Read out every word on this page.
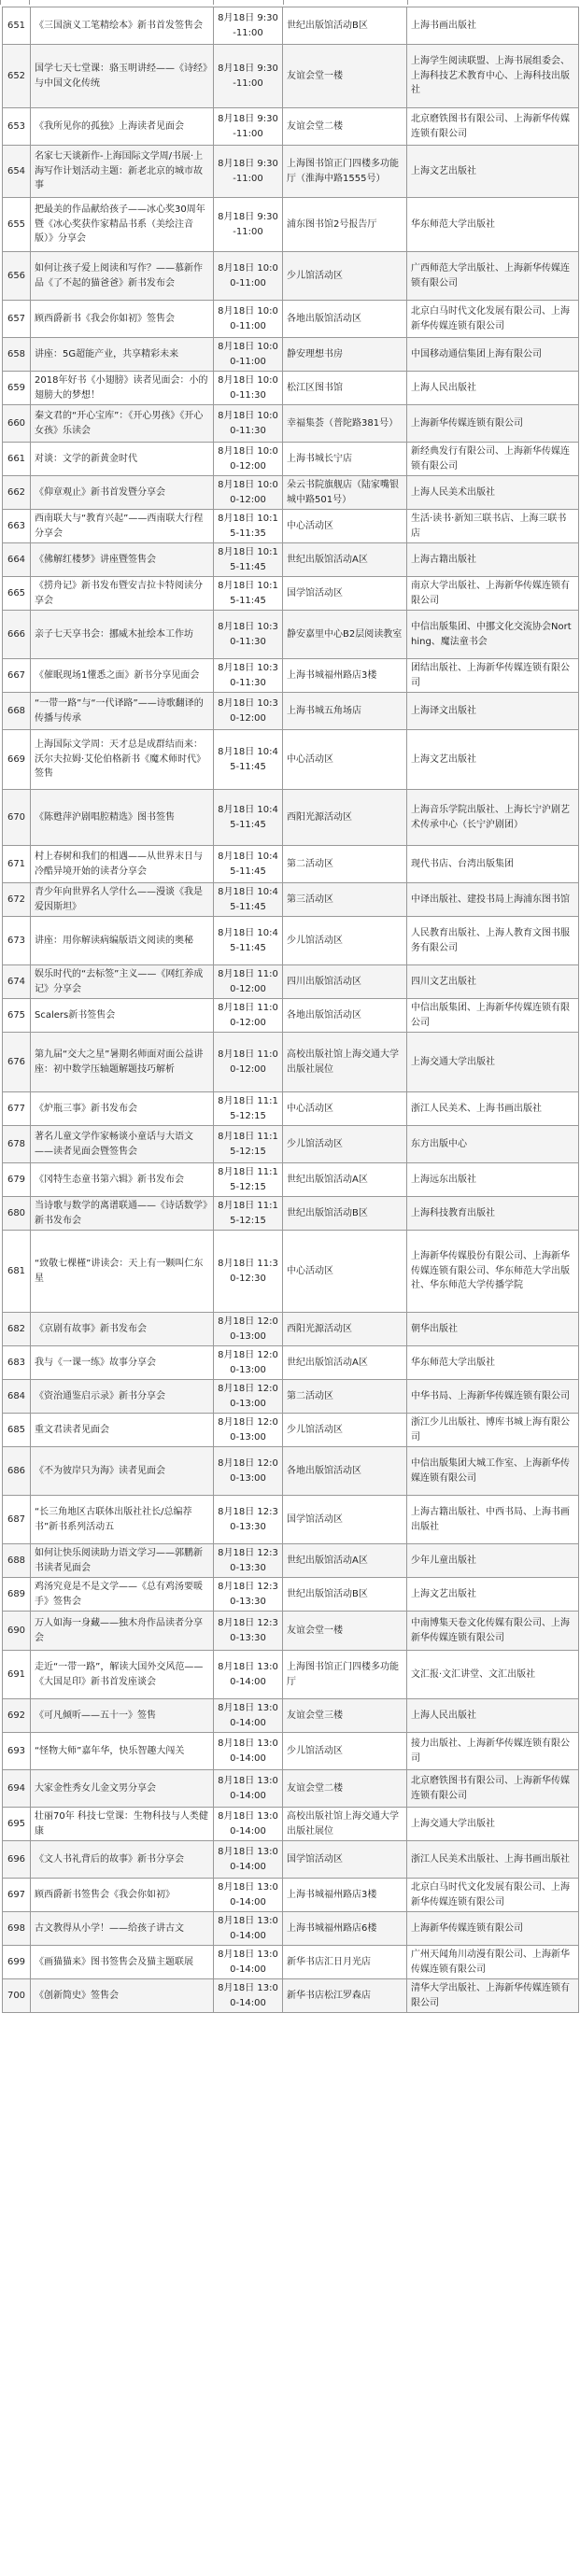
651	《三国演义工笔精绘本》新书首发签售会	8月18日 9:30-11:00	世纪出版馆活动B区	上海书画出版社
652	国学七天七堂课：骆玉明讲经——《诗经》与中国文化传统	8月18日 9:30-11:00	友谊会堂一楼	上海学生阅读联盟、上海书展组委会、上海科技艺术教育中心、上海科技出版社
653	《我所见你的孤独》上海读者见面会	8月18日 9:30-11:00	友谊会堂二楼	北京磨铁图书有限公司、上海新华传媒连锁有限公司
654	名家七天谈新作-上海国际文学周/书展·上海写作计划活动主题：新老北京的城市故事	8月18日 9:30-11:00	上海图书馆正门四楼多功能厅（淮海中路1555号）	上海文艺出版社
655	把最美的作品献给孩子——冰心奖30周年暨《冰心奖获作家精品书系（美绘注音版）》分享会	8月18日 9:30-11:00	浦东图书馆2号报告厅	华东师范大学出版社
656	如何让孩子爱上阅读和写作？——慕新作品《了不起的猫爸爸》新书发布会	8月18日 10:00-11:00	少儿馆活动区	广西师范大学出版社、上海新华传媒连锁有限公司
657	顾西爵新书《我会你如初》签售会	8月18日 10:00-11:00	各地出版馆活动区	北京白马时代文化发展有限公司、上海新华传媒连锁有限公司
658	讲座：5G超能产业，共享精彩未来	8月18日 10:00-11:00	静安理想书房	中国移动通信集团上海有限公司
659	2018年好书《小翅膀》读者见面会：小的翅膀大的梦想！	8月18日 10:00-11:30	松江区图书馆	上海人民出版社
660	秦文君的“开心宝库”：《开心男孩》《开心女孩》乐读会	8月18日 10:00-11:30	幸福集荟（普陀路381号）	上海新华传媒连锁有限公司
661	对谈：文学的新黄金时代	8月18日 10:00-12:00	上海书城长宁店	新经典发行有限公司、上海新华传媒连锁有限公司
662	《仰章观止》新书首发暨分享会	8月18日 10:00-12:00	朵云书院旗舰店（陆家嘴银城中路501号）	上海人民美术出版社
663	西南联大与“教育兴起”——西南联大行程分享会	8月18日 10:15-11:35	中心活动区	生活·读书·新知三联书店、上海三联书店
664	《佛解红楼梦》讲座暨签售会	8月18日 10:15-11:45	世纪出版馆活动A区	上海古籍出版社
665	《捞舟记》新书发布暨安吉拉卡特阅读分享会	8月18日 10:15-11:45	国学馆活动区	南京大学出版社、上海新华传媒连锁有限公司
666	亲子七天享书会：挪威木扯绘本工作坊	8月18日 10:30-11:30	静安嘉里中心B2层阅读教室	中信出版集团、中挪文化交流协会Northing、魔法童书会
667	《催眠现场1懂悉之面》新书分享见面会	8月18日 10:30-11:30	上海书城福州路店3楼	团结出版社、上海新华传媒连锁有限公司
668	“一带一路”与“一代译路”——诗歌翻译的传播与传承	8月18日 10:30-12:00	上海书城五角场店	上海译文出版社
669	上海国际文学周：天才总是成群结而来：沃尔夫拉姆·艾伦伯格新书《魔术师时代》签售	8月18日 10:45-11:45	中心活动区	上海文艺出版社
670	《陈甦萍沪剧唱腔精选》图书签售	8月18日 10:45-11:45	西阳光源活动区	上海音乐学院出版社、上海长宁沪剧艺术传承中心（长宁沪剧团）
671	村上春树和我们的相遇——从世界末日与冷酷异境开始的读者分享会	8月18日 10:45-11:45	第二活动区	现代书店、台湾出版集团
672	青少年向世界名人学什么——漫谈《我是爱因斯坦》	8月18日 10:45-11:45	第三活动区	中译出版社、建投书局上海浦东图书馆
673	讲座：用你解读病编版语文阅读的奥秘	8月18日 10:45-11:45	少儿馆活动区	人民教育出版社、上海人教育文图书服务有限公司
674	娱乐时代的“去标签”主义——《网红养成记》分享会	8月18日 11:00-12:00	四川出版馆活动区	四川文艺出版社
675	Scalers新书签售会	8月18日 11:00-12:00	各地出版馆活动区	中信出版集团、上海新华传媒连锁有限公司
676	第九届“交大之星”暑期名师面对面公益讲座：初中数学压轴题解题技巧解析	8月18日 11:00-12:00	高校出版社馆上海交通大学出版社展位	上海交通大学出版社
677	《炉瓶三事》新书发布会	8月18日 11:15-12:15	中心活动区	浙江人民美术、上海书画出版社
678	著名儿童文学作家畅谈小童话与大语文——读者见面会暨签售会	8月18日 11:15-12:15	少儿馆活动区	东方出版中心
679	《冈特生态童书第六辑》新书发布会	8月18日 11:15-12:15	世纪出版馆活动A区	上海远东出版社
680	当诗歌与数学的离谱联通——《诗话数学》新书发布会	8月18日 11:15-12:15	世纪出版馆活动B区	上海科技教育出版社
681	“致敬七棵槿”讲读会：天上有一颗叫仁东星	8月18日 11:30-12:30	中心活动区	上海新华传媒股份有限公司、上海新华传媒连锁有限公司、华东师范大学出版社、华东师范大学传播学院
682	《京剧有故事》新书发布会	8月18日 12:00-13:00	西阳光源活动区	朝华出版社
683	我与《一课一练》故事分享会	8月18日 12:00-13:00	世纪出版馆活动A区	华东师范大学出版社
684	《资治通鉴启示录》新书分享会	8月18日 12:00-13:00	第二活动区	中华书局、上海新华传媒连锁有限公司
685	重文君读者见面会	8月18日 12:00-13:00	少儿馆活动区	浙江少儿出版社、博库书城上海有限公司
686	《不为彼岸只为海》读者见面会	8月18日 12:00-13:00	各地出版馆活动区	中信出版集团大城工作室、上海新华传媒连锁有限公司
687	“长三角地区古联体出版社社长/总编荐书”新书系列活动五	8月18日 12:30-13:30	国学馆活动区	上海古籍出版社、中西书局、上海书画出版社
688	如何让快乐阅读助力语文学习——郭鹏新书读者见面会	8月18日 12:30-13:30	世纪出版馆活动A区	少年儿童出版社
689	鸡汤究竟是不是文学——《总有鸡汤要暖手》签售会	8月18日 12:30-13:30	世纪出版馆活动B区	上海文艺出版社
690	万人如海一身藏——独木舟作品读者分享会	8月18日 12:30-13:30	友谊会堂一楼	中南博集天卷文化传媒有限公司、上海新华传媒连锁有限公司
691	走近“一带一路”，解读大国外交风范——《大国足印》新书首发座谈会	8月18日 13:00-14:00	上海图书馆正门四楼多功能厅	文汇报·文汇讲堂、文汇出版社
692	《可凡倾听——五十一》签售	8月18日 13:00-14:00	友谊会堂三楼	上海人民出版社
693	“怪物大师”嘉年华，快乐智趣大闯关	8月18日 13:00-14:00	少儿馆活动区	接力出版社、上海新华传媒连锁有限公司
694	大家金性秀女儿金文男分享会	8月18日 13:00-14:00	友谊会堂二楼	北京磨铁图书有限公司、上海新华传媒连锁有限公司
695	壮丽70年 科技七堂课：生物科技与人类健康	8月18日 13:00-14:00	高校出版社馆上海交通大学出版社展位	上海交通大学出版社
696	《文人书礼背后的故事》新书分享会	8月18日 13:00-14:00	国学馆活动区	浙江人民美术出版社、上海书画出版社
697	顾西爵新书签售会《我会你如初》	8月18日 13:00-14:00	上海书城福州路店3楼	北京白马时代文化发展有限公司、上海新华传媒连锁有限公司
698	古文教得从小学！——给孩子讲古文	8月18日 13:00-14:00	上海书城福州路店6楼	上海新华传媒连锁有限公司
699	《画猫猫来》图书签售会及猫主题联展	8月18日 13:00-14:00	新华书店汇日月光店	广州天闻角川动漫有限公司、上海新华传媒连锁有限公司
700	《创新简史》签售会	8月18日 13:00-14:00	新华书店松江罗森店	清华大学出版社、上海新华传媒连锁有限公司
